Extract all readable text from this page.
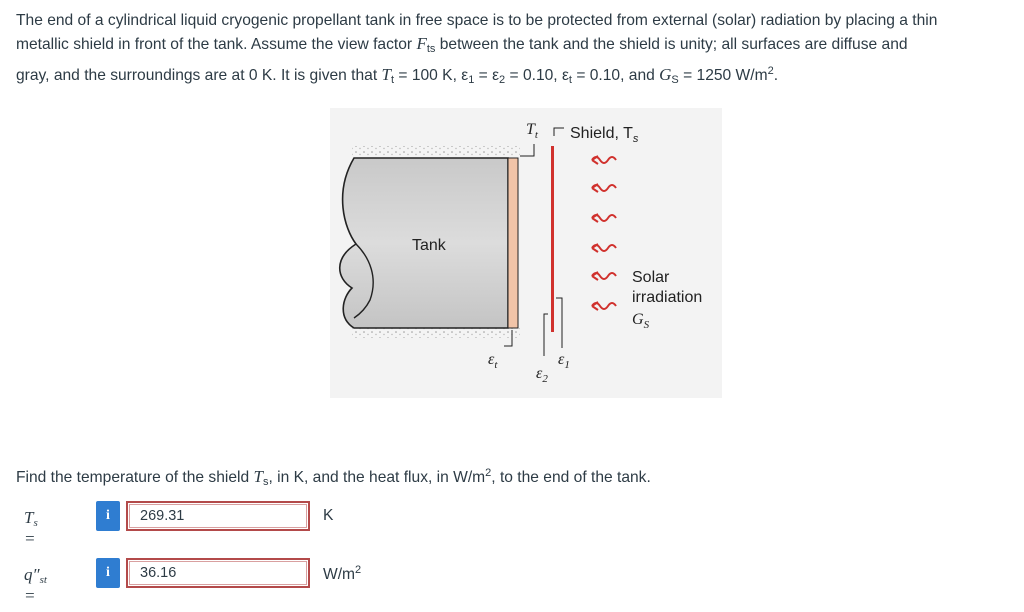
The end of a cylindrical liquid cryogenic propellant tank in free space is to be protected from external (solar) radiation by placing a thin
metallic shield in front of the tank. Assume the view factor $F_{ts}$ between the tank and the shield is unity; all surfaces are diffuse and
gray, and the surroundings are at 0 K. It is given that $T_t = 100$ K, $\varepsilon_1 = \varepsilon_2 = 0.10$, $\varepsilon_t = 0.10$, and $G_S = 1250$ $W/m^2$.
Tank
$T_t$ Shield, $T_s$
Solar
irradiation
$G_S$
$\varepsilon_t$ $\varepsilon_2$
$\varepsilon_1$
Find the temperature of the shield $T_s$, in K, and the heat flux, in $W/m^2$, to the end of the tank.
$T_s$ =
i	269.31	K
$q''_{st}$ =
i	36.16	$W/m^2$
